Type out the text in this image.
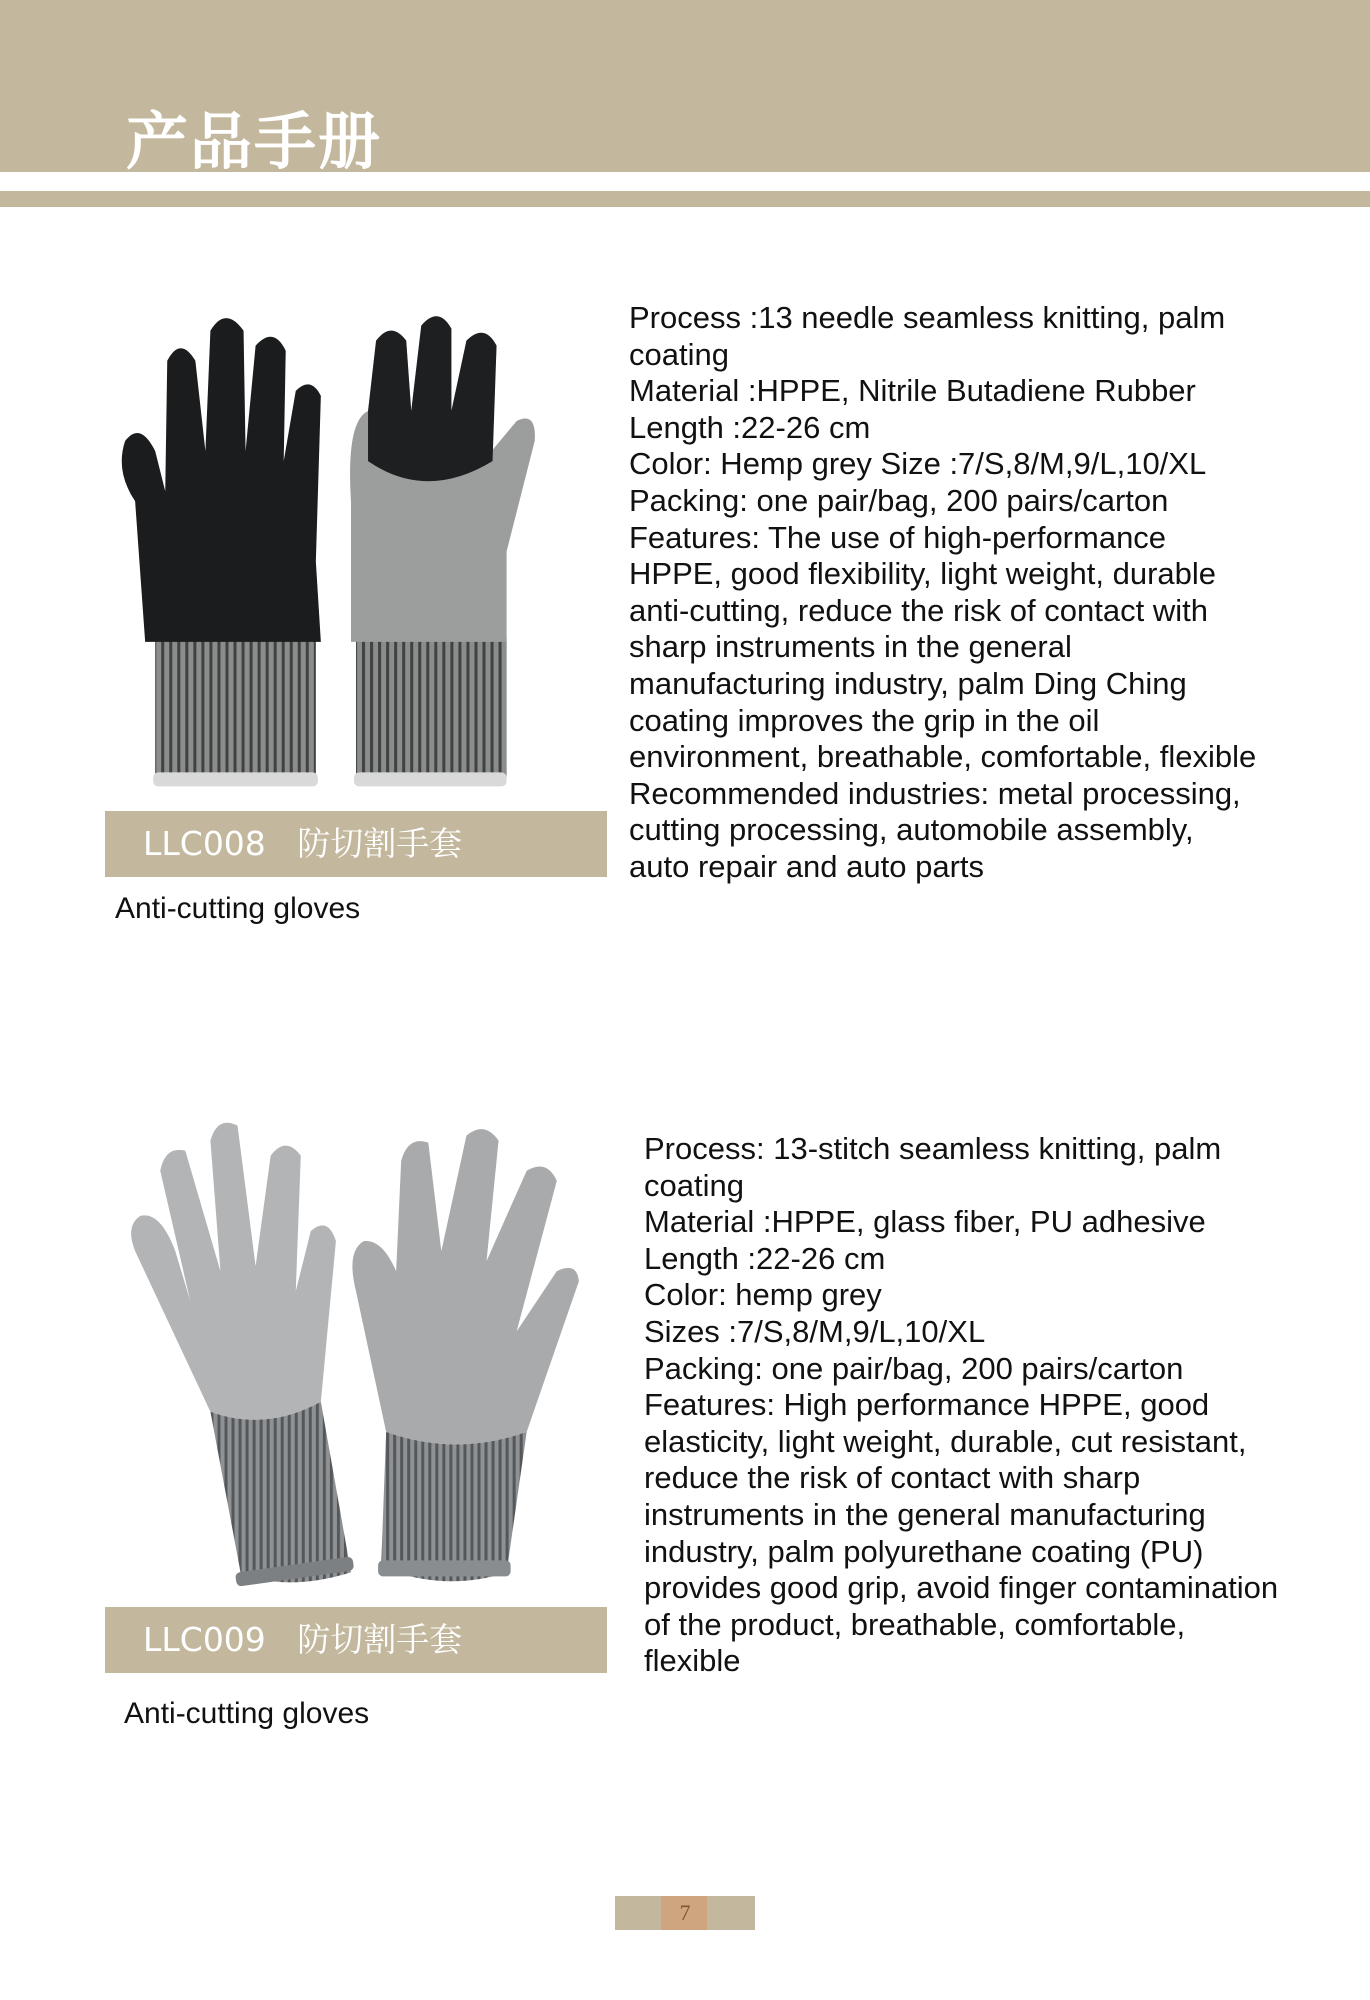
产品手册
LLC008   防切割手套
Anti-cutting gloves
Process :13 needle seamless knitting, palm
coating
Material :HPPE, Nitrile Butadiene Rubber
Length :22-26 cm
Color: Hemp grey Size :7/S,8/M,9/L,10/XL
Packing: one pair/bag, 200 pairs/carton
Features: The use of high-performance
HPPE, good flexibility, light weight, durable
anti-cutting, reduce the risk of contact with
sharp instruments in the general
manufacturing industry, palm Ding Ching
coating improves the grip in the oil
environment, breathable, comfortable, flexible
Recommended industries: metal processing,
cutting processing, automobile assembly,
auto repair and auto parts
LLC009   防切割手套
Anti-cutting gloves
Process: 13-stitch seamless knitting, palm
coating
Material :HPPE, glass fiber, PU adhesive
Length :22-26 cm
Color: hemp grey
Sizes :7/S,8/M,9/L,10/XL
Packing: one pair/bag, 200 pairs/carton
Features: High performance HPPE, good
elasticity, light weight, durable, cut resistant,
reduce the risk of contact with sharp
instruments in the general manufacturing
industry, palm polyurethane coating (PU)
provides good grip, avoid finger contamination
of the product, breathable, comfortable,
flexible
7
